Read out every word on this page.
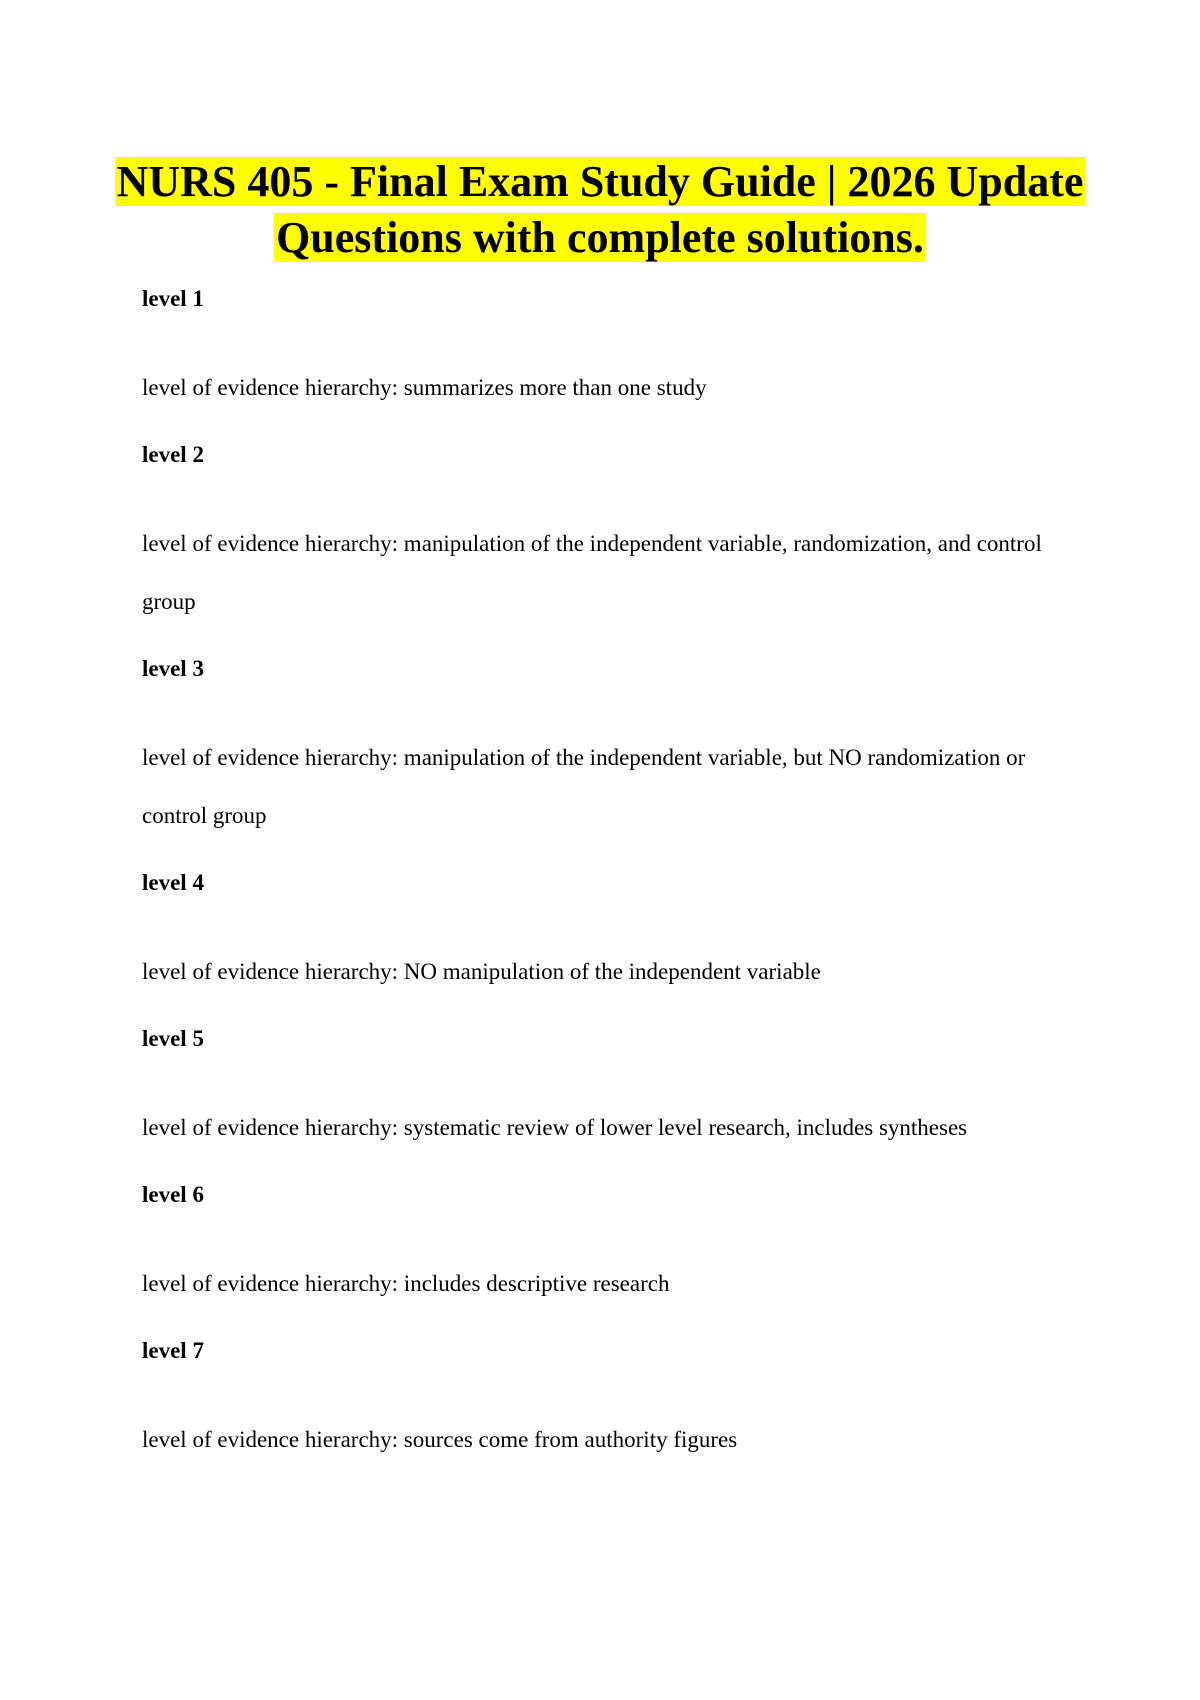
NURS 405 - Final Exam Study Guide | 2026 Update Questions with complete solutions.

level 1

level of evidence hierarchy: summarizes more than one study

level 2

level of evidence hierarchy: manipulation of the independent variable, randomization, and control group

level 3

level of evidence hierarchy: manipulation of the independent variable, but NO randomization or control group

level 4

level of evidence hierarchy: NO manipulation of the independent variable

level 5

level of evidence hierarchy: systematic review of lower level research, includes syntheses

level 6

level of evidence hierarchy: includes descriptive research

level 7

level of evidence hierarchy: sources come from authority figures
